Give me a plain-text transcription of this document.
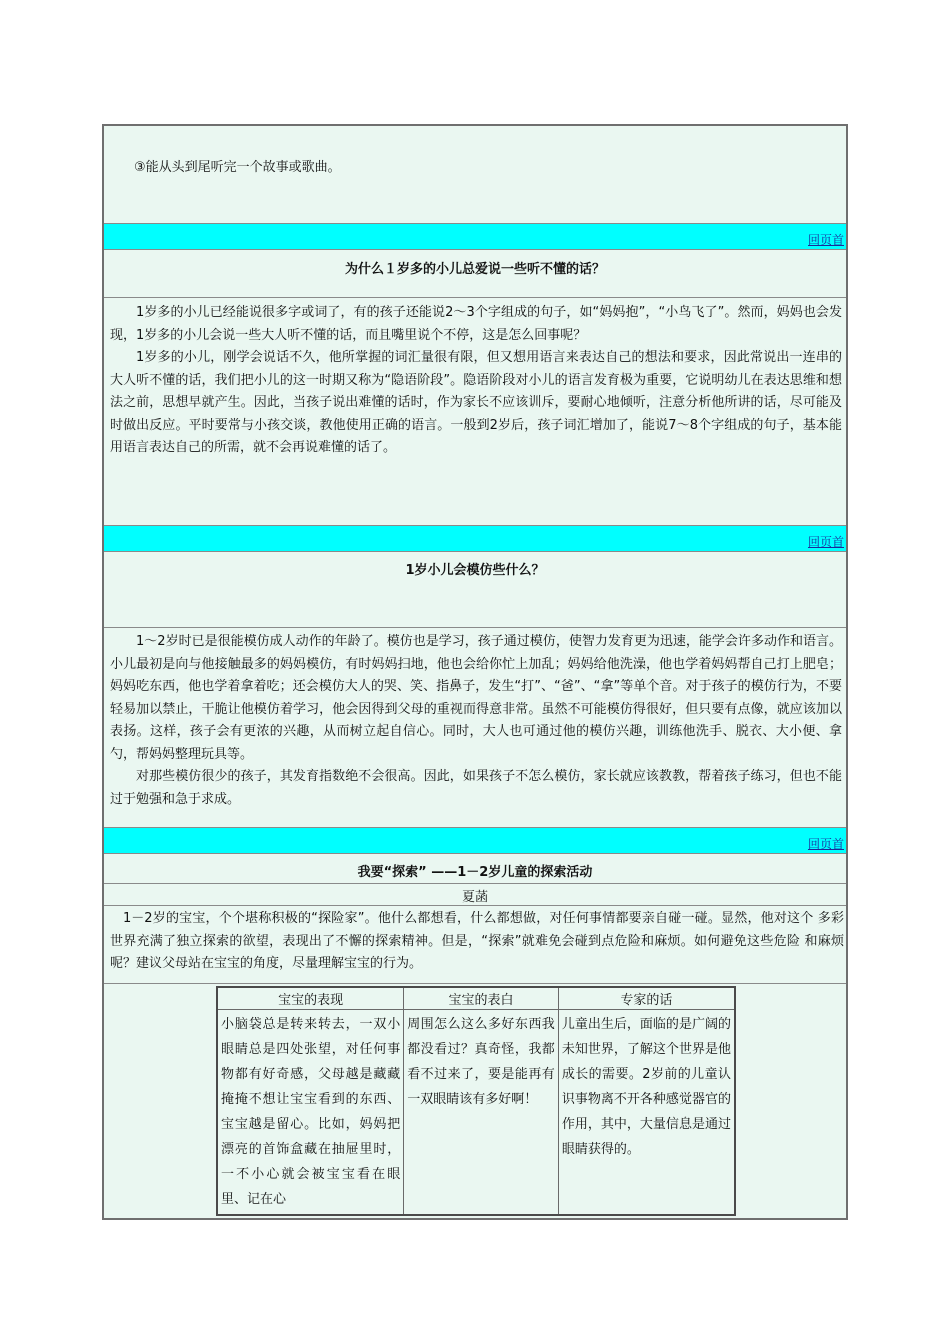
③能从头到尾听完一个故事或歌曲。
回页首
为什么１岁多的小儿总爱说一些听不懂的话？

1岁多的小儿已经能说很多字或词了，有的孩子还能说2～3个字组成的句子，如“妈妈抱”，“小鸟飞了”。然而，妈妈也会发现，1岁多的小儿会说一些大人听不懂的话，而且嘴里说个不停，这是怎么回事呢？

1岁多的小儿，刚学会说话不久，他所掌握的词汇量很有限，但又想用语言来表达自己的想法和要求，因此常说出一连串的大人听不懂的话，我们把小儿的这一时期又称为“隐语阶段”。隐语阶段对小儿的语言发育极为重要，它说明幼儿在表达思维和想法之前，思想早就产生。因此，当孩子说出难懂的话时，作为家长不应该训斥，要耐心地倾听，注意分析他所讲的话，尽可能及时做出反应。平时要常与小孩交谈，教他使用正确的语言。一般到2岁后，孩子词汇增加了，能说7～8个字组成的句子，基本能用语言表达自己的所需，就不会再说难懂的话了。

回页首
1岁小儿会模仿些什么？

1～2岁时已是很能模仿成人动作的年龄了。模仿也是学习，孩子通过模仿，使智力发育更为迅速，能学会许多动作和语言。小儿最初是向与他接触最多的妈妈模仿，有时妈妈扫地，他也会给你忙上加乱；妈妈给他洗澡，他也学着妈妈帮自己打上肥皂；妈妈吃东西，他也学着拿着吃；还会模仿大人的哭、笑、指鼻子，发生“打”、“爸”、“拿”等单个音。对于孩子的模仿行为，不要轻易加以禁止，干脆让他模仿着学习，他会因得到父母的重视而得意非常。虽然不可能模仿得很好，但只要有点像，就应该加以表扬。这样，孩子会有更浓的兴趣，从而树立起自信心。同时，大人也可通过他的模仿兴趣，训练他洗手、脱衣、大小便、拿勺，帮妈妈整理玩具等。

对那些模仿很少的孩子，其发育指数绝不会很高。因此，如果孩子不怎么模仿，家长就应该教教，帮着孩子练习，但也不能过于勉强和急于求成。

回页首
我要“探索” ——1－2岁儿童的探索活动
夏菡

1－2岁的宝宝，个个堪称积极的“探险家”。他什么都想看，什么都想做，对任何事情都要亲自碰一碰。显然，他对这个 多彩世界充满了独立探索的欲望，表现出了不懈的探索精神。但是，“探索”就难免会碰到点危险和麻烦。如何避免这些危险 和麻烦呢？建议父母站在宝宝的角度，尽量理解宝宝的行为。

宝宝的表现	宝宝的表白	专家的话
小脑袋总是转来转去，一双小眼睛总是四处张望，对任何事物都有好奇感，父母越是藏藏掩掩不想让宝宝看到的东西、宝宝越是留心。比如，妈妈把漂亮的首饰盒藏在抽屉里时，一不小心就会被宝宝看在眼里、记在心	周围怎么这么多好东西我都没看过？真奇怪，我都看不过来了，要是能再有一双眼睛该有多好啊！	儿童出生后，面临的是广阔的未知世界，了解这个世界是他成长的需要。2岁前的儿童认识事物离不开各种感觉器官的作用，其中，大量信息是通过眼睛获得的。
